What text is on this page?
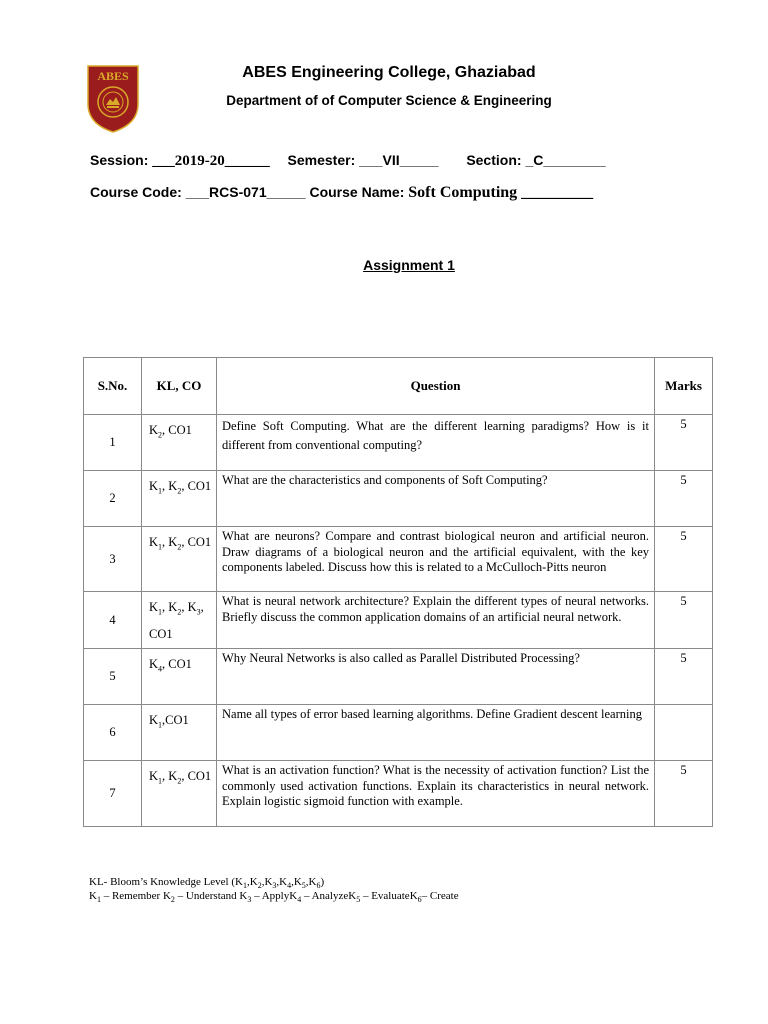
ABES	ABES Engineering College, Ghaziabad
Department of of Computer Science & Engineering
Session: ___2019-20______ Semester: ___VII_____ Section: _C________
Course Code: ___RCS-071_____ Course Name: Soft Computing _________
Assignment 1
S.No.	KL, CO	Question	Marks
1	$K_2$, CO1	Define Soft Computing. What are the different learning paradigms? How is it different from conventional computing?	5
2	$K_1$, $K_2$, CO1	What are the characteristics and components of Soft Computing?	5
3	$K_1$, $K_2$, CO1	What are neurons? Compare and contrast biological neuron and artificial neuron. Draw diagrams of a biological neuron and the artificial equivalent, with the key components labeled. Discuss how this is related to a McCulloch-Pitts neuron	5
4	$K_1$, $K_2$, $K_3$, CO1	What is neural network architecture? Explain the different types of neural networks. Briefly discuss the common application domains of an artificial neural network.	5
5	$K_4$, CO1	Why Neural Networks is also called as Parallel Distributed Processing?	5
6	$K_1,CO1$	Name all types of error based learning algorithms. Define Gradient descent learning	
7	$K_1$, $K_2$, CO1	What is an activation function? What is the necessity of activation function? List the commonly used activation functions. Explain its characteristics in neural network. Explain logistic sigmoid function with example.	5
KL- Bloom’s Knowledge Level $(K_1,K_2,K_3,K_4,K_5,K_6)$
$K_1$ – Remember $K_2$ – Understand $K_3$ – ApplyK$_4$ – AnalyzeK$_5$ – EvaluateK$_6$– Create
